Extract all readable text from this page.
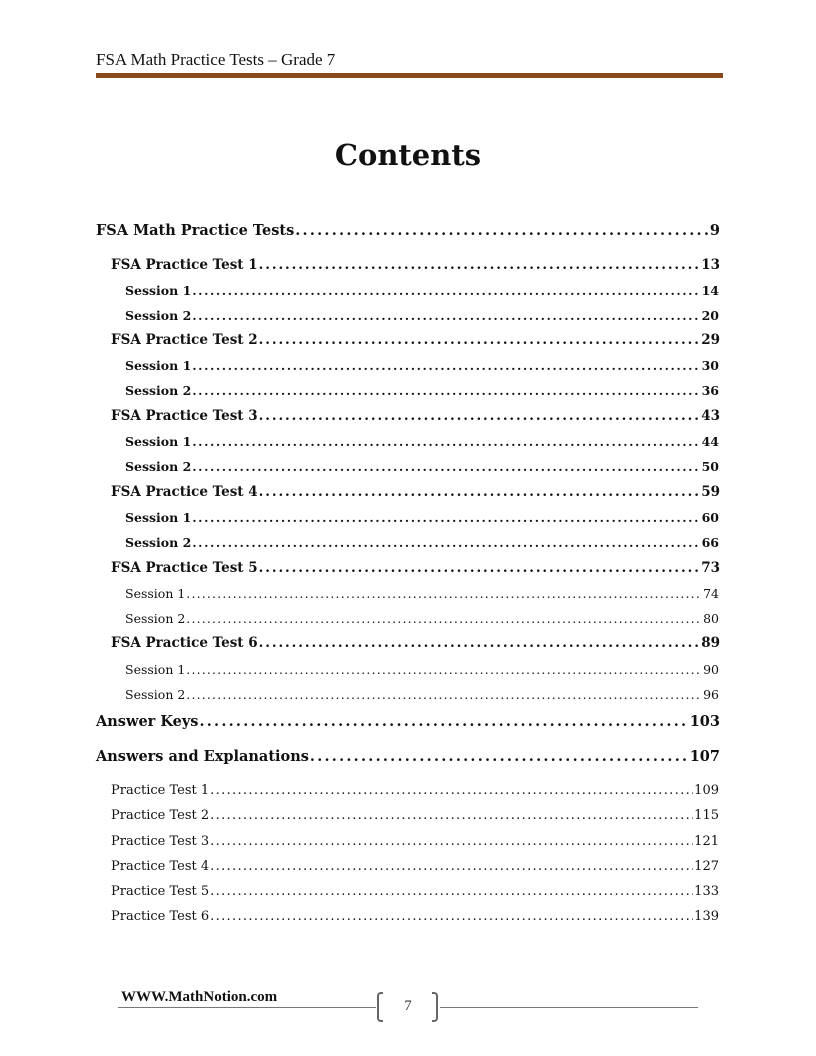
FSA Math Practice Tests – Grade 7
Contents
FSA Math Practice Tests . . .	9
FSA Practice Test 1 . . .	13
Session 1 . . .	14
Session 2 . . .	20
FSA Practice Test 2 . . .	29
Session 1 . . .	30
Session 2 . . .	36
FSA Practice Test 3 . . .	43
Session 1 . . .	44
Session 2 . . .	50
FSA Practice Test 4 . . .	59
Session 1 . . .	60
Session 2 . . .	66
FSA Practice Test 5 . . .	73
Session 1 . . .	74
Session 2 . . .	80
FSA Practice Test 6 . . .	89
Session 1 . . .	90
Session 2 . . .	96
Answer Keys . . .	103
Answers and Explanations . . .	107
Practice Test 1 . . .	109
Practice Test 2 . . .	115
Practice Test 3 . . .	121
Practice Test 4 . . .	127
Practice Test 5 . . .	133
Practice Test 6 . . .	139
WWW.MathNotion.com
7
